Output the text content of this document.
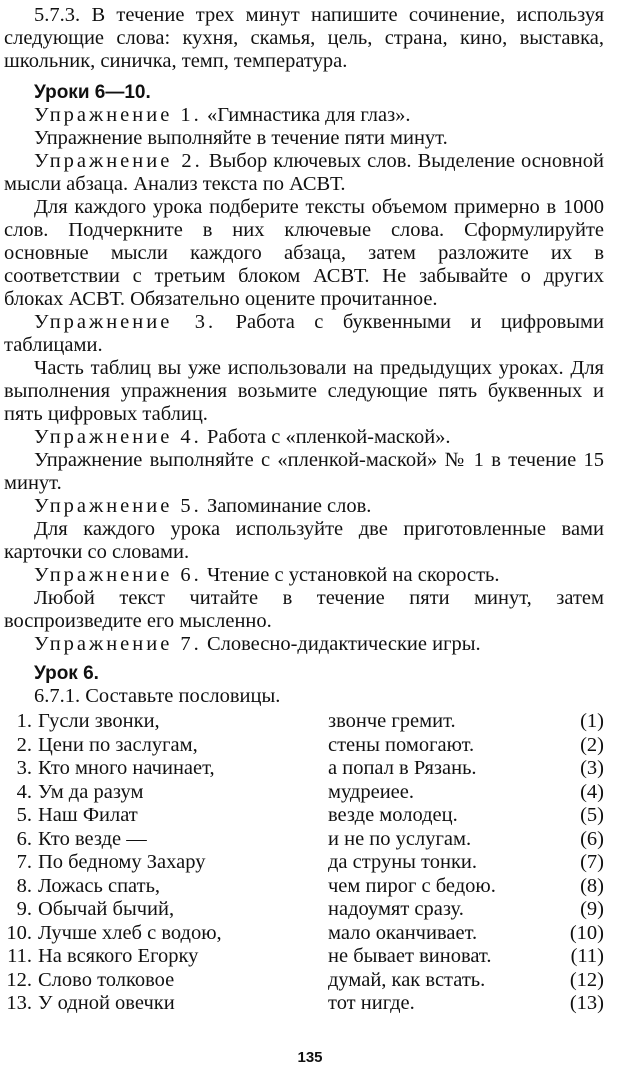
5.7.3. В течение трех минут напишите сочинение, используя следующие слова: кухня, скамья, цель, страна, кино, выставка, школьник, синичка, темп, температура.

Уроки 6—10.

Упражнение 1. «Гимнастика для глаз».

Упражнение выполняйте в течение пяти минут.

Упражнение 2. Выбор ключевых слов. Выделение основной мысли абзаца. Анализ текста по АСВТ.

Для каждого урока подберите тексты объемом примерно в 1000 слов. Подчеркните в них ключевые слова. Сформулируйте основные мысли каждого абзаца, затем разложите их в соответствии с третьим блоком АСВТ. Не забывайте о других блоках АСВТ. Обязательно оцените прочитанное.

Упражнение 3. Работа с буквенными и цифровыми таблицами.

Часть таблиц вы уже использовали на предыдущих уроках. Для выполнения упражнения возьмите следующие пять буквенных и пять цифровых таблиц.

Упражнение 4. Работа с «пленкой-маской».

Упражнение выполняйте с «пленкой-маской» № 1 в течение 15 минут.

Упражнение 5. Запоминание слов.

Для каждого урока используйте две приготовленные вами карточки со словами.

Упражнение 6. Чтение с установкой на скорость.

Любой текст читайте в течение пяти минут, затем воспроизведите его мысленно.

Упражнение 7. Словесно-дидактические игры.

Урок 6.

6.7.1. Составьте пословицы.

1.	Гусли звонки,	звонче гремит.	(1)
2.	Цени по заслугам,	стены помогают.	(2)
3.	Кто много начинает,	а попал в Рязань.	(3)
4.	Ум да разум	мудреиее.	(4)
5.	Наш Филат	везде молодец.	(5)
6.	Кто везде —	и не по услугам.	(6)
7.	По бедному Захару	да струны тонки.	(7)
8.	Ложась спать,	чем пирог с бедою.	(8)
9.	Обычай бычий,	надоумят сразу.	(9)
10.	Лучше хлеб с водою,	мало оканчивает.	(10)
11.	На всякого Егорку	не бывает виноват.	(11)
12.	Слово толковое	думай, как встать.	(12)
13.	У одной овечки	тот нигде.	(13)
135
